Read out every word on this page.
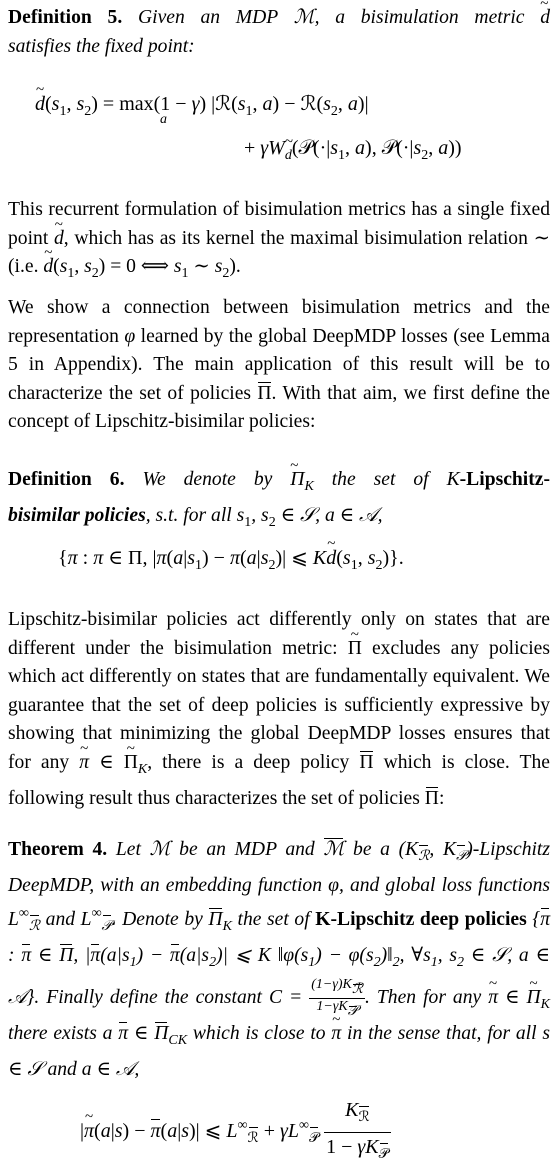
Definition 5. Given an MDP ℳ, a bisimulation metric ~ d

satisfies the fixed point:

~ $d(s_1$, $s_2) = \max(1 - \gamma)$ $|ℛ(s_1$, $a) - ℛ(s_2$, a)|
a
+ γW~ $_d(𝒫(\cdot|s_1$, a), $𝒫(\cdot|s_2$, a))

This recurrent formulation of bisimulation metrics has a single fixed point ~ d, which has as its kernel the maximal bisimulation relation ∼ (i.e. ~ $d(s_1$, $s_2) = 0$ ⟺ $s_1$ ∼ $s_2$).

We show a connection between bisimulation metrics and the representation φ learned by the global DeepMDP losses (see Lemma 5 in Appendix). The main application of this result will be to characterize the set of policies Π. With that aim, we first define the concept of Lipschitz-bisimilar policies:

Definition 6. We denote by ~ $\Pi_K$ the set of K-Lipschitz-

bisimilar policies, s.t. for all $s_1$, $s_2$ ∈ 𝒮, a ∈ 𝒜,

{π : π ∈ Π, $|\pi(a|s_1) - \pi(a|s_2)|$ ⩽ K~ $d(s_1$, $s_2$)}.

Lipschitz-bisimilar policies act differently only on states that are different under the bisimulation metric: ~ Π excludes any policies which act differently on states that are fundamentally equivalent. We guarantee that the set of deep policies is sufficiently expressive by showing that minimizing the global DeepMDP losses ensures that for any ~ π ∈ ~ $\Pi_K$, there is a deep policy Π which is close. The following result thus characterizes the set of policies Π:

Theorem 4. Let ℳ be an MDP and ℳ be a ($K_ℛ$, $K_𝒫$)-Lipschitz DeepMDP, with an embedding function φ, and global loss functions $L^\infty_ℛ$ and $L^\infty_𝒫$. Denote by $\Pi_K$ the set of K-Lipschitz deep policies {π : π ∈ Π, $|\pi(a|s_1) - \pi(a|s_2)|$ ⩽ K $‖\varphi(s_1)$ − $\varphi(s_2)‖_2$, $\forall s_1$, $s_2$ ∈ 𝒮, a ∈ 𝒜}. Finally define the constant $C = \frac{\text{(1−γ)Kℛ}}{\text{1−γK𝒫}}$ . Then for any ~ π ∈ ~ $\Pi_K$ there exists a π ∈ $\Pi_{CK}$ which is close to ~ π in the sense that, for all s ∈ 𝒮 and a ∈ 𝒜,

|~ π(a|s) − π(a|s)| ⩽ $L^\infty_ℛ + \gamma L^\infty_𝒫 \frac{K_ℛ}{1 - \gamma K_𝒫}$
